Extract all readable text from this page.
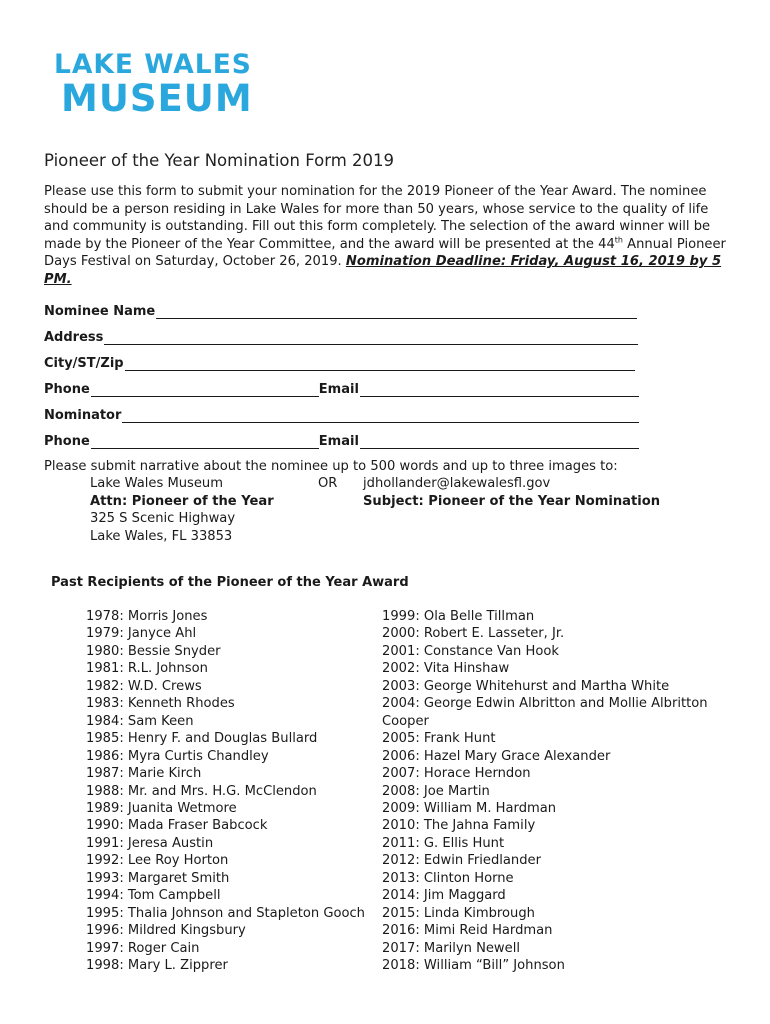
LAKE WALES
MUSEUM
Pioneer of the Year Nomination Form 2019
Please use this form to submit your nomination for the 2019 Pioneer of the Year Award. The nominee should be a person residing in Lake Wales for more than 50 years, whose service to the quality of life and community is outstanding. Fill out this form completely. The selection of the award winner will be made by the Pioneer of the Year Committee, and the award will be presented at the 44th Annual Pioneer Days Festival on Saturday, October 26, 2019. Nomination Deadline: Friday, August 16, 2019 by 5 PM.
Nominee Name
Address
City/ST/Zip
Phone	Email
Nominator
Phone	Email
Please submit narrative about the nominee up to 500 words and up to three images to:
Lake Wales Museum
Attn: Pioneer of the Year
325 S Scenic Highway
Lake Wales, FL 33853
OR jdhollander@lakewalesfl.gov
Subject: Pioneer of the Year Nomination
Past Recipients of the Pioneer of the Year Award
1978: Morris Jones
1979: Janyce Ahl
1980: Bessie Snyder
1981: R.L. Johnson
1982: W.D. Crews
1983: Kenneth Rhodes
1984: Sam Keen
1985: Henry F. and Douglas Bullard
1986: Myra Curtis Chandley
1987: Marie Kirch
1988: Mr. and Mrs. H.G. McClendon
1989: Juanita Wetmore
1990: Mada Fraser Babcock
1991: Jeresa Austin
1992: Lee Roy Horton
1993: Margaret Smith
1994: Tom Campbell
1995: Thalia Johnson and Stapleton Gooch
1996: Mildred Kingsbury
1997: Roger Cain
1998: Mary L. Zipprer
1999: Ola Belle Tillman
2000: Robert E. Lasseter, Jr.
2001: Constance Van Hook
2002: Vita Hinshaw
2003: George Whitehurst and Martha White
2004: George Edwin Albritton and Mollie Albritton
Cooper
2005: Frank Hunt
2006: Hazel Mary Grace Alexander
2007: Horace Herndon
2008: Joe Martin
2009: William M. Hardman
2010: The Jahna Family
2011: G. Ellis Hunt
2012: Edwin Friedlander
2013: Clinton Horne
2014: Jim Maggard
2015: Linda Kimbrough
2016: Mimi Reid Hardman
2017: Marilyn Newell
2018: William “Bill” Johnson
